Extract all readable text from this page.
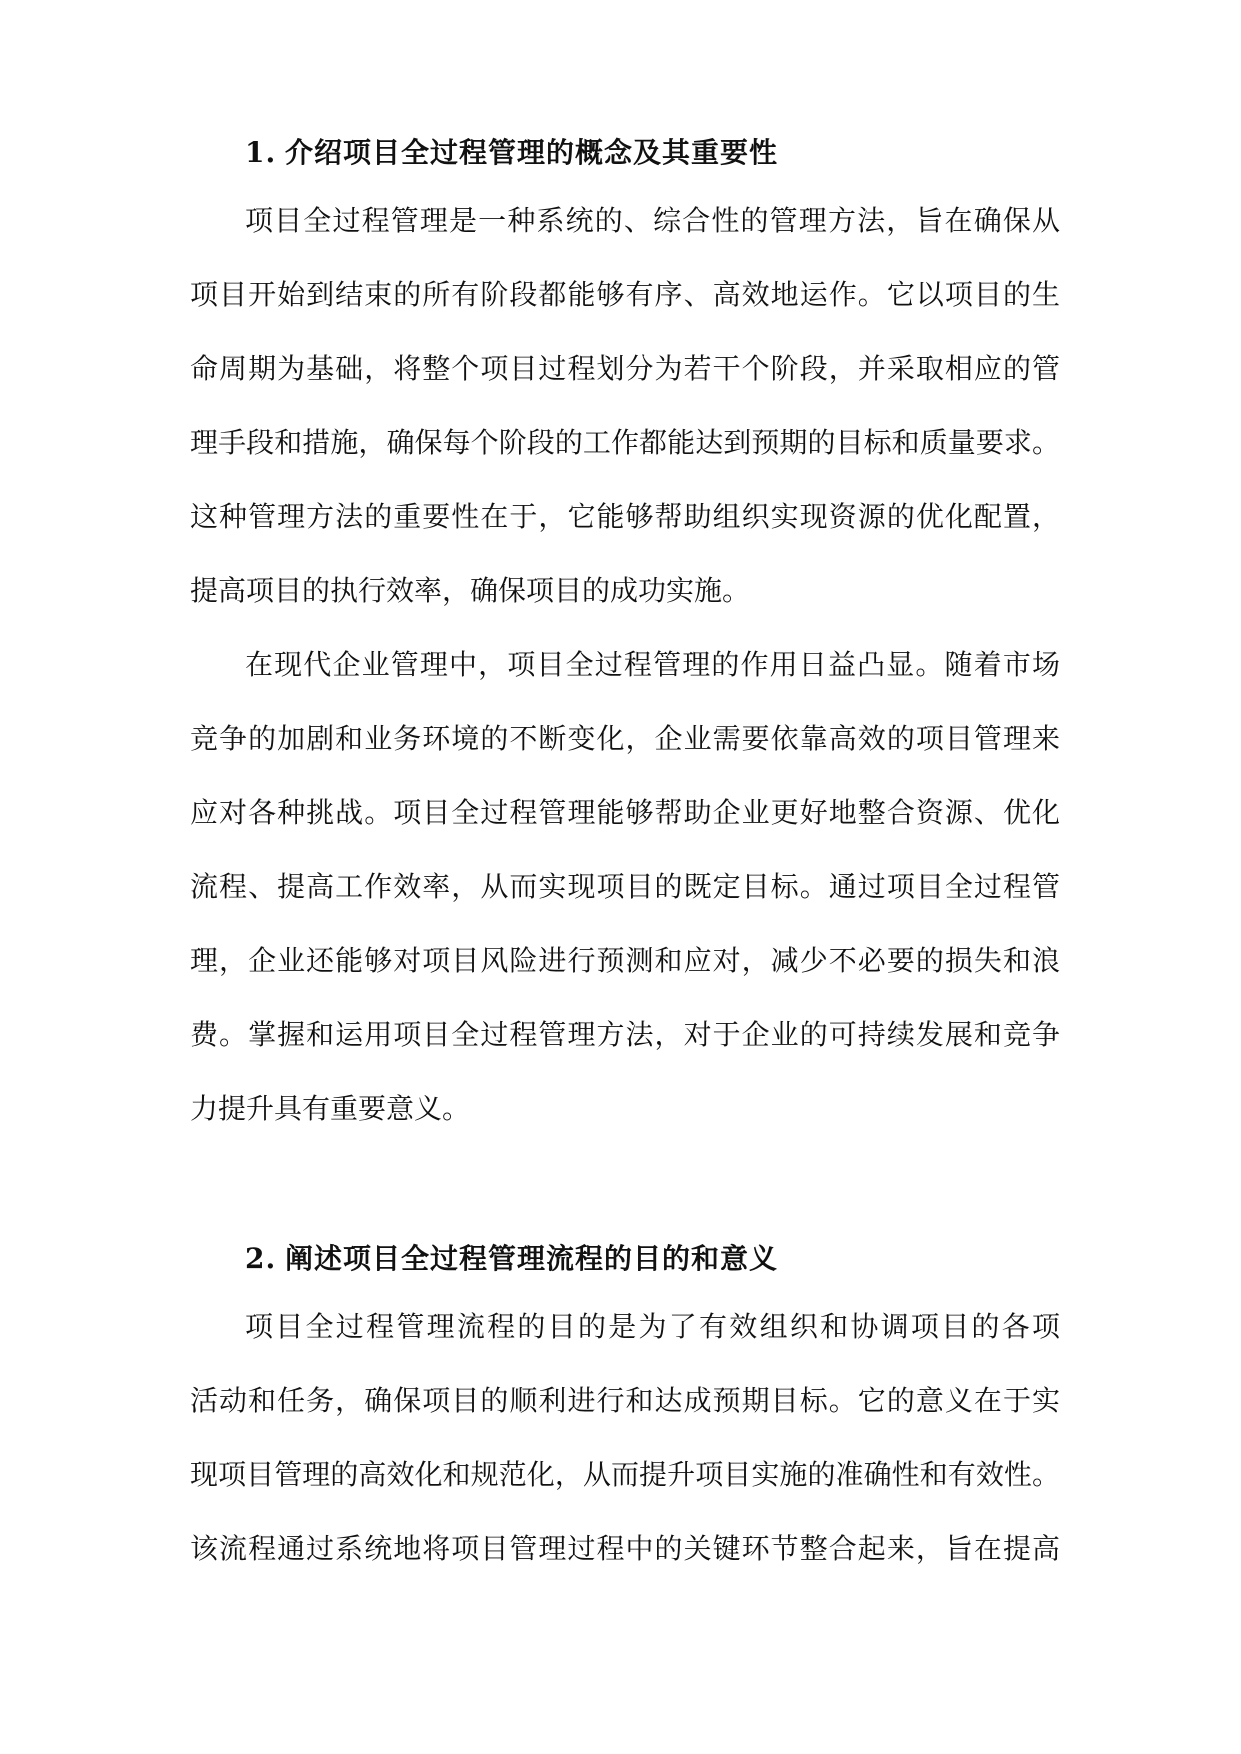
1. 介绍项目全过程管理的概念及其重要性
项目全过程管理是一种系统的、综合性的管理方法，旨在确保从
项目开始到结束的所有阶段都能够有序、高效地运作。它以项目的生
命周期为基础，将整个项目过程划分为若干个阶段，并采取相应的管
理手段和措施，确保每个阶段的工作都能达到预期的目标和质量要求。
这种管理方法的重要性在于，它能够帮助组织实现资源的优化配置，
提高项目的执行效率，确保项目的成功实施。
在现代企业管理中，项目全过程管理的作用日益凸显。随着市场
竞争的加剧和业务环境的不断变化，企业需要依靠高效的项目管理来
应对各种挑战。项目全过程管理能够帮助企业更好地整合资源、优化
流程、提高工作效率，从而实现项目的既定目标。通过项目全过程管
理，企业还能够对项目风险进行预测和应对，减少不必要的损失和浪
费。掌握和运用项目全过程管理方法，对于企业的可持续发展和竞争
力提升具有重要意义。
2. 阐述项目全过程管理流程的目的和意义
项目全过程管理流程的目的是为了有效组织和协调项目的各项
活动和任务，确保项目的顺利进行和达成预期目标。它的意义在于实
现项目管理的高效化和规范化，从而提升项目实施的准确性和有效性。
该流程通过系统地将项目管理过程中的关键环节整合起来，旨在提高
